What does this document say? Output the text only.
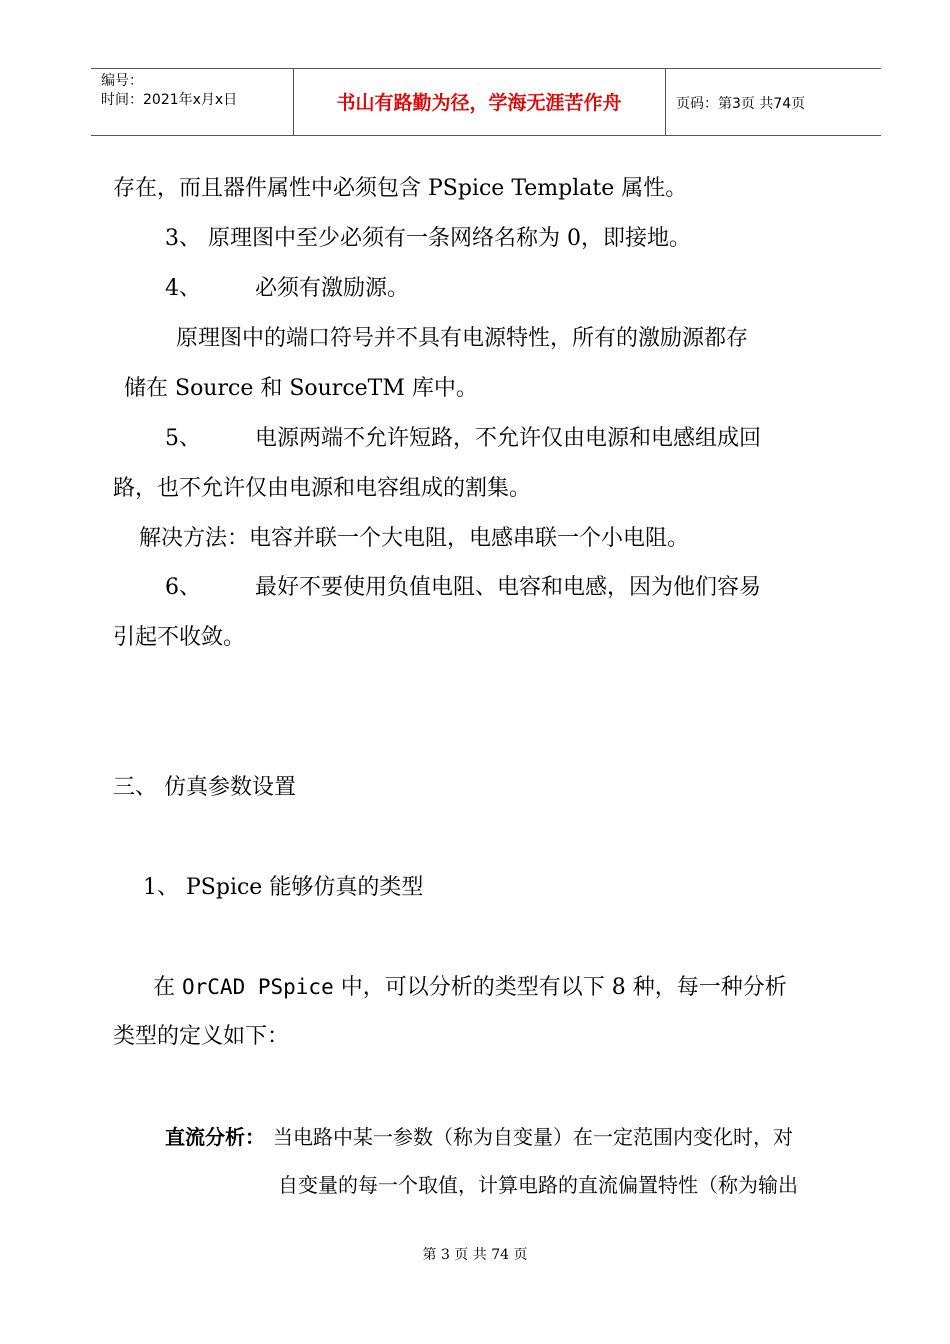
编号：
时间：2021年x月x日	书山有路勤为径，学海无涯苦作舟	页码：第3页 共74页
存在，而且器件属性中必须包含 PSpice Template 属性。
3、 原理图中至少必须有一条网络名称为 0，即接地。
4、 必须有激励源。
原理图中的端口符号并不具有电源特性，所有的激励源都存
储在 Source 和 SourceTM 库中。
5、 电源两端不允许短路，不允许仅由电源和电感组成回
路，也不允许仅由电源和电容组成的割集。
解决方法：电容并联一个大电阻，电感串联一个小电阻。
6、 最好不要使用负值电阻、电容和电感，因为他们容易
引起不收敛。
三、 仿真参数设置
1、 PSpice 能够仿真的类型
在 OrCAD PSpice 中，可以分析的类型有以下 8 种，每一种分析
类型的定义如下：
直流分析： 当电路中某一参数（称为自变量）在一定范围内变化时，对
自变量的每一个取值，计算电路的直流偏置特性（称为输出
第 3 页 共 74 页
